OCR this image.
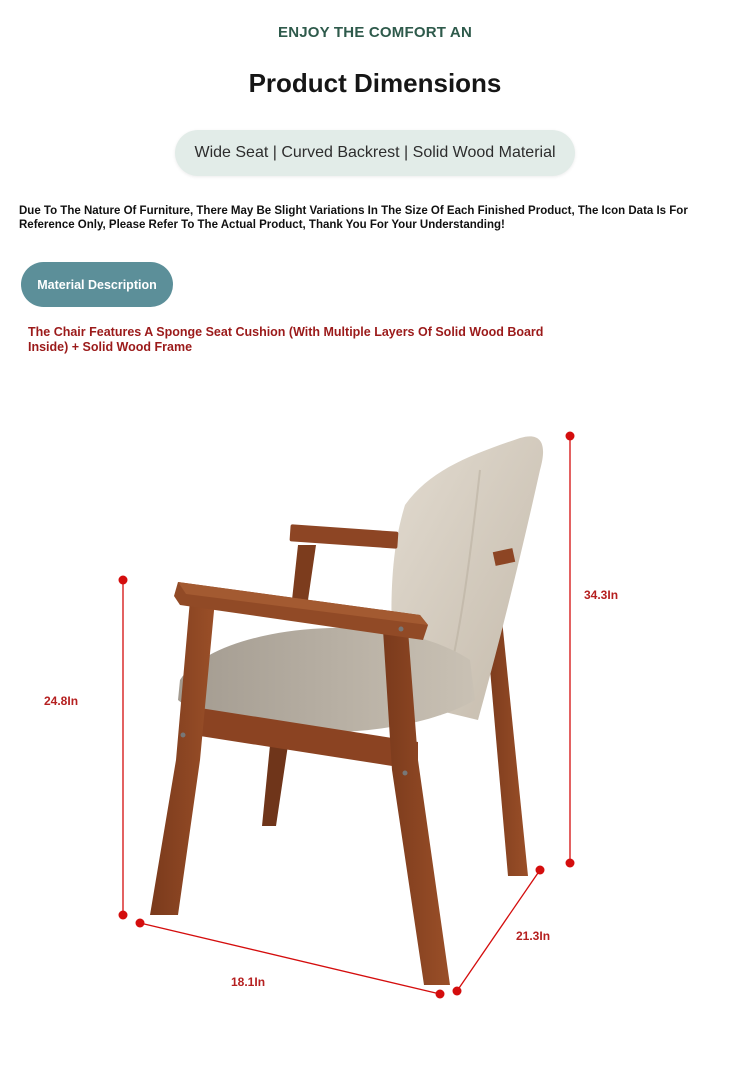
ENJOY THE COMFORT AN
Product Dimensions
Wide Seat | Curved Backrest | Solid Wood Material
Due To The Nature Of Furniture, There May Be Slight Variations In The Size Of Each Finished Product, The Icon Data Is For Reference Only, Please Refer To The Actual Product, Thank You For Your Understanding!
Material Description
The Chair Features A Sponge Seat Cushion (With Multiple Layers Of Solid Wood Board Inside) + Solid Wood Frame
34.3In
24.8In
18.1In
21.3In
